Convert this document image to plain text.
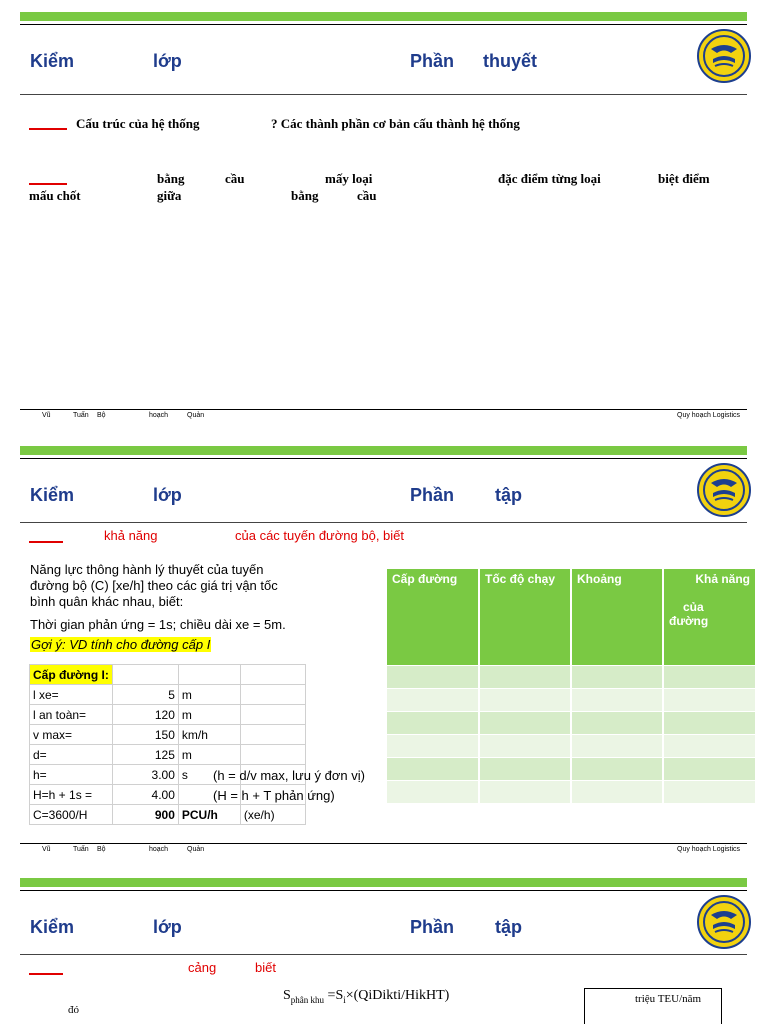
Kiểm	lớp	Phần thuyết
Cấu trúc của hệ thống	? Các thành phần cơ bản cấu thành hệ thống
bằng	cầu	mấy loại	đặc điểm từng loại	biệt điểm
mấu chốt	giữa	bằng	cầu
Vũ	Tuấn Bộ	hoạch	Quản	Quy hoạch Logistics
Kiểm	lớp	Phần tập
khả năng	của các tuyến đường bộ, biết
Năng lực thông hành lý thuyết của tuyến
đường bộ (C) [xe/h] theo các giá trị vận tốc
bình quân khác nhau, biết:
Thời gian phản ứng = 1s; chiều dài xe = 5m.
Gợi ý: VD tính cho đường cấp I
Cấp đường I:			
l xe=	5	m	
l an toàn=	120	m	
v max=	150	km/h	
d=	125	m	
h=	3.00	s	
H=h + 1s =	4.00		
C=3600/H	900	PCU/h	(xe/h)
(h = d/v max, lưu ý đơn vị)
(H = h + T phản ứng)
Cấp đường	Tốc độ chạy	Khoảng	Khả năng
của
đường

Vũ	Tuấn Bộ	hoạch	Quản	Quy hoạch Logistics
Kiểm	lớp	Phần tập
cảng	biết
$S_{phân khu}$ $=S_i\times(QiDikti/HikHT)$	triệu TEU/năm
đó
